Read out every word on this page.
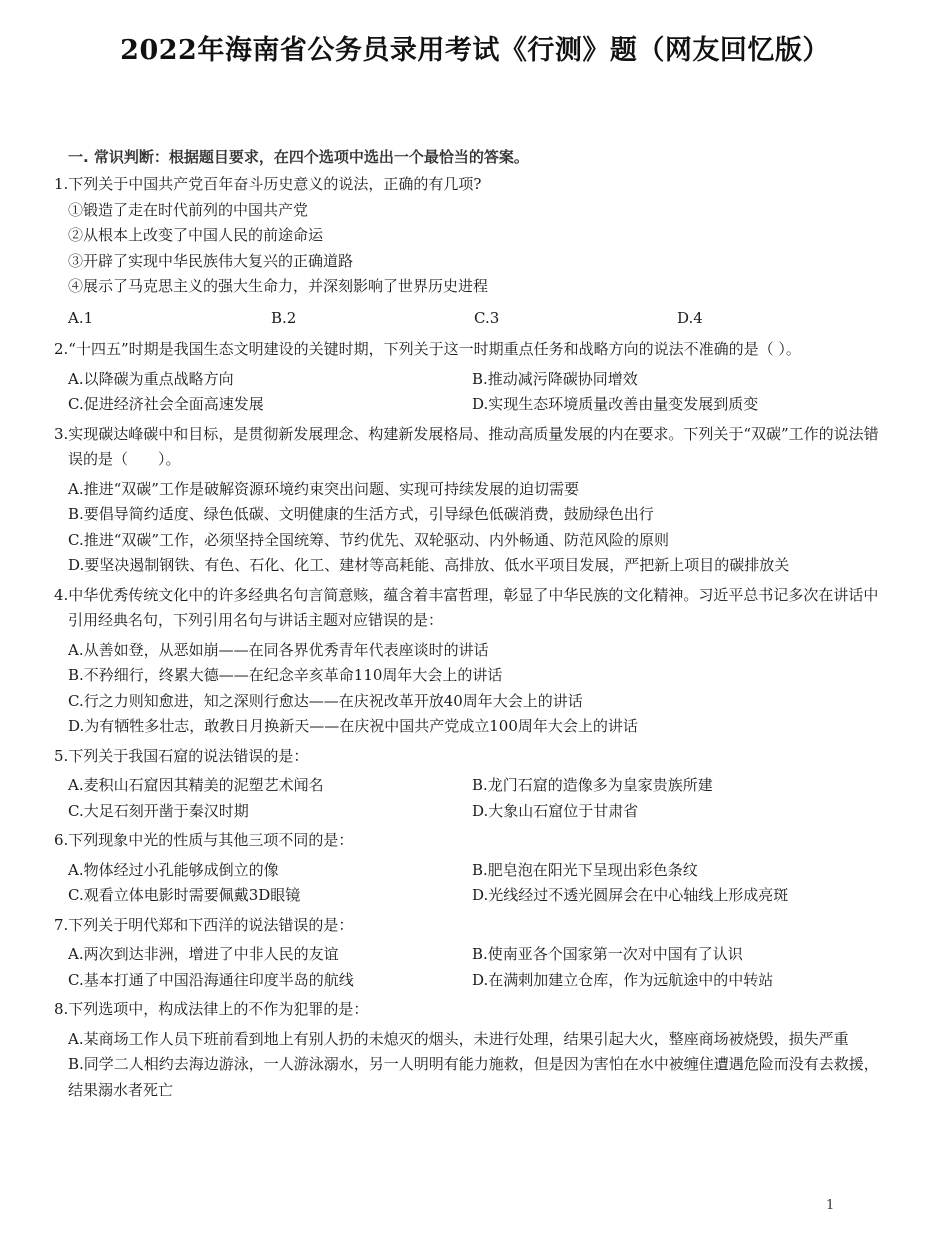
2022年海南省公务员录用考试《行测》题（网友回忆版）
一. 常识判断：根据题目要求，在四个选项中选出一个最恰当的答案。
1.下列关于中国共产党百年奋斗历史意义的说法，正确的有几项?
①锻造了走在时代前列的中国共产党
②从根本上改变了中国人民的前途命运
③开辟了实现中华民族伟大复兴的正确道路
④展示了马克思主义的强大生命力，并深刻影响了世界历史进程
A.1	B.2	C.3	D.4
2.“十四五”时期是我国生态文明建设的关键时期，下列关于这一时期重点任务和战略方向的说法不准确的是（ ）。
A.以降碳为重点战略方向	B.推动减污降碳协同增效
C.促进经济社会全面高速发展	D.实现生态环境质量改善由量变发展到质变
3.实现碳达峰碳中和目标，是贯彻新发展理念、构建新发展格局、推动高质量发展的内在要求。下列关于“双碳”工作的说法错误的是（　　）。
A.推进“双碳”工作是破解资源环境约束突出问题、实现可持续发展的迫切需要
B.要倡导简约适度、绿色低碳、文明健康的生活方式，引导绿色低碳消费，鼓励绿色出行
C.推进“双碳”工作，必须坚持全国统筹、节约优先、双轮驱动、内外畅通、防范风险的原则
D.要坚决遏制钢铁、有色、石化、化工、建材等高耗能、高排放、低水平项目发展，严把新上项目的碳排放关
4.中华优秀传统文化中的许多经典名句言简意赅，蕴含着丰富哲理，彰显了中华民族的文化精神。习近平总书记多次在讲话中引用经典名句，下列引用名句与讲话主题对应错误的是：
A.从善如登，从恶如崩——在同各界优秀青年代表座谈时的讲话
B.不矜细行，终累大德——在纪念辛亥革命110周年大会上的讲话
C.行之力则知愈进，知之深则行愈达——在庆祝改革开放40周年大会上的讲话
D.为有牺牲多壮志，敢教日月换新天——在庆祝中国共产党成立100周年大会上的讲话
5.下列关于我国石窟的说法错误的是：
A.麦积山石窟因其精美的泥塑艺术闻名	B.龙门石窟的造像多为皇家贵族所建
C.大足石刻开凿于秦汉时期	D.大象山石窟位于甘肃省
6.下列现象中光的性质与其他三项不同的是：
A.物体经过小孔能够成倒立的像	B.肥皂泡在阳光下呈现出彩色条纹
C.观看立体电影时需要佩戴3D眼镜	D.光线经过不透光圆屏会在中心轴线上形成亮斑
7.下列关于明代郑和下西洋的说法错误的是：
A.两次到达非洲，增进了中非人民的友谊	B.使南亚各个国家第一次对中国有了认识
C.基本打通了中国沿海通往印度半岛的航线	D.在满剌加建立仓库，作为远航途中的中转站
8.下列选项中，构成法律上的不作为犯罪的是：
A.某商场工作人员下班前看到地上有别人扔的未熄灭的烟头，未进行处理，结果引起大火，整座商场被烧毁，损失严重
B.同学二人相约去海边游泳，一人游泳溺水，另一人明明有能力施救，但是因为害怕在水中被缠住遭遇危险而没有去救援，结果溺水者死亡
1
